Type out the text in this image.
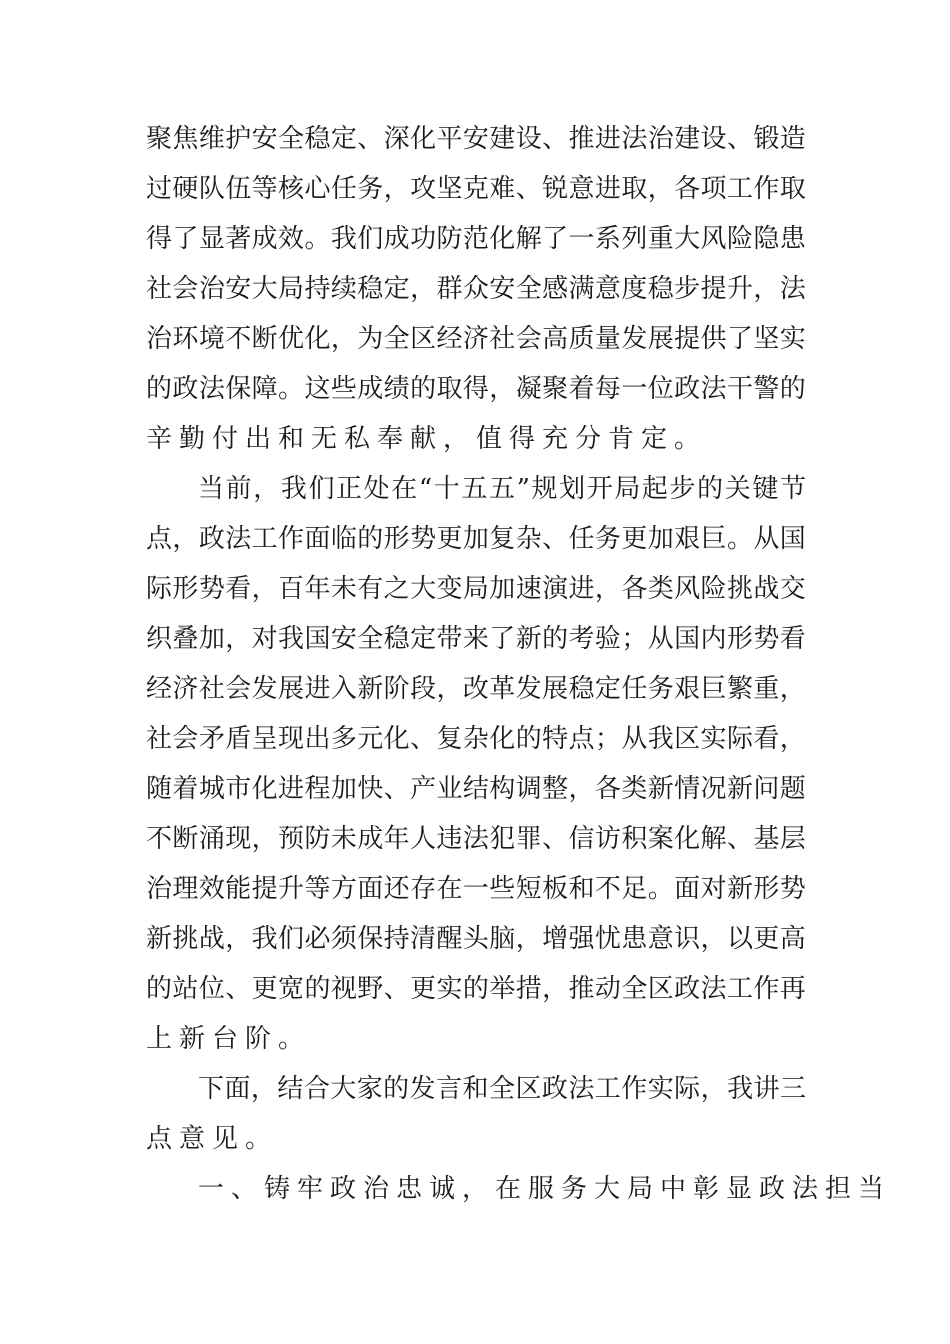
聚 焦 维 护 安 全 稳 定 、 深 化 平 安 建 设 、 推 进 法 治 建 设 、 锻 造
过 硬 队 伍 等 核 心 任 务 ， 攻 坚 克 难 、 锐 意 进 取 ， 各 项 工 作 取
得 了 显 著 成 效 。 我 们 成 功 防 范 化 解 了 一 系 列 重 大 风 险 隐 患
社 会 治 安 大 局 持 续 稳 定 ， 群 众 安 全 感 满 意 度 稳 步 提 升 ， 法
治 环 境 不 断 优 化 ， 为 全 区 经 济 社 会 高 质 量 发 展 提 供 了 坚 实
的 政 法 保 障 。 这 些 成 绩 的 取 得 ， 凝 聚 着 每 一 位 政 法 干 警 的
辛勤付出和无私奉献，值得充分肯定。
当 前 ， 我 们 正 处 在 “ 十 五 五 ” 规 划 开 局 起 步 的 关 键 节
点 ， 政 法 工 作 面 临 的 形 势 更 加 复 杂 、 任 务 更 加 艰 巨 。 从 国
际 形 势 看 ， 百 年 未 有 之 大 变 局 加 速 演 进 ， 各 类 风 险 挑 战 交
织 叠 加 ， 对 我 国 安 全 稳 定 带 来 了 新 的 考 验 ； 从 国 内 形 势 看
经 济 社 会 发 展 进 入 新 阶 段 ， 改 革 发 展 稳 定 任 务 艰 巨 繁 重 ，
社 会 矛 盾 呈 现 出 多 元 化 、 复 杂 化 的 特 点 ； 从 我 区 实 际 看 ，
随 着 城 市 化 进 程 加 快 、 产 业 结 构 调 整 ， 各 类 新 情 况 新 问 题
不 断 涌 现 ， 预 防 未 成 年 人 违 法 犯 罪 、 信 访 积 案 化 解 、 基 层
治 理 效 能 提 升 等 方 面 还 存 在 一 些 短 板 和 不 足 。 面 对 新 形 势
新 挑 战 ， 我 们 必 须 保 持 清 醒 头 脑 ， 增 强 忧 患 意 识 ， 以 更 高
的 站 位 、 更 宽 的 视 野 、 更 实 的 举 措 ， 推 动 全 区 政 法 工 作 再
上新台阶。
下 面 ， 结 合 大 家 的 发 言 和 全 区 政 法 工 作 实 际 ， 我 讲 三
点意见。
一、铸牢政治忠诚，在服务大局中彰显政法担当
